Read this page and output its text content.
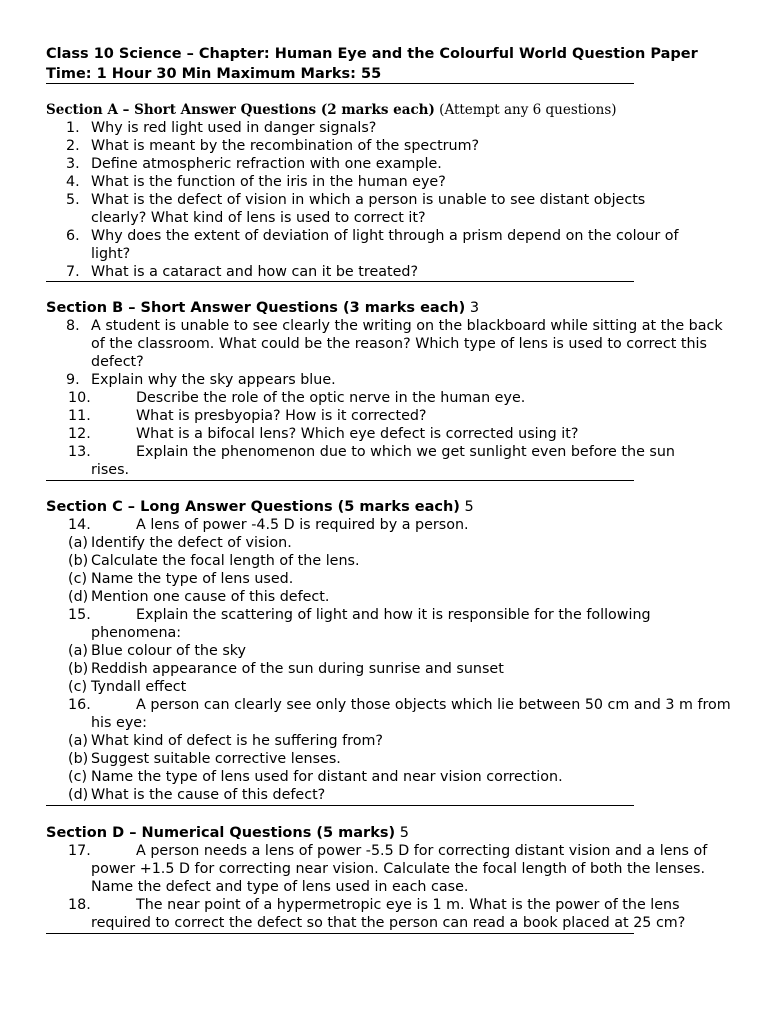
Class 10 Science – Chapter: Human Eye and the Colourful World Question Paper
Time: 1 Hour 30 Min Maximum Marks: 55
Section A – Short Answer Questions (2 marks each) (Attempt any 6 questions)
1. Why is red light used in danger signals?
2. What is meant by the recombination of the spectrum?
3. Define atmospheric refraction with one example.
4. What is the function of the iris in the human eye?
5. What is the defect of vision in which a person is unable to see distant objects clearly? What kind of lens is used to correct it?
6. Why does the extent of deviation of light through a prism depend on the colour of light?
7. What is a cataract and how can it be treated?
Section B – Short Answer Questions (3 marks each) 3
8. A student is unable to see clearly the writing on the blackboard while sitting at the back of the classroom. What could be the reason? Which type of lens is used to correct this defect?
9. Explain why the sky appears blue.
10.	Describe the role of the optic nerve in the human eye.
11.	What is presbyopia? How is it corrected?
12.	What is a bifocal lens? Which eye defect is corrected using it?
13.	Explain the phenomenon due to which we get sunlight even before the sun rises.
Section C – Long Answer Questions (5 marks each) 5
14.	A lens of power -4.5 D is required by a person.
(a) Identify the defect of vision.
(b) Calculate the focal length of the lens.
(c) Name the type of lens used.
(d) Mention one cause of this defect.
15.	Explain the scattering of light and how it is responsible for the following phenomena:
(a) Blue colour of the sky
(b) Reddish appearance of the sun during sunrise and sunset
(c) Tyndall effect
16.	A person can clearly see only those objects which lie between 50 cm and 3 m from his eye:
(a) What kind of defect is he suffering from?
(b) Suggest suitable corrective lenses.
(c) Name the type of lens used for distant and near vision correction.
(d) What is the cause of this defect?
Section D – Numerical Questions (5 marks) 5
17.	A person needs a lens of power -5.5 D for correcting distant vision and a lens of power +1.5 D for correcting near vision. Calculate the focal length of both the lenses. Name the defect and type of lens used in each case.
18.	The near point of a hypermetropic eye is 1 m. What is the power of the lens required to correct the defect so that the person can read a book placed at 25 cm?
